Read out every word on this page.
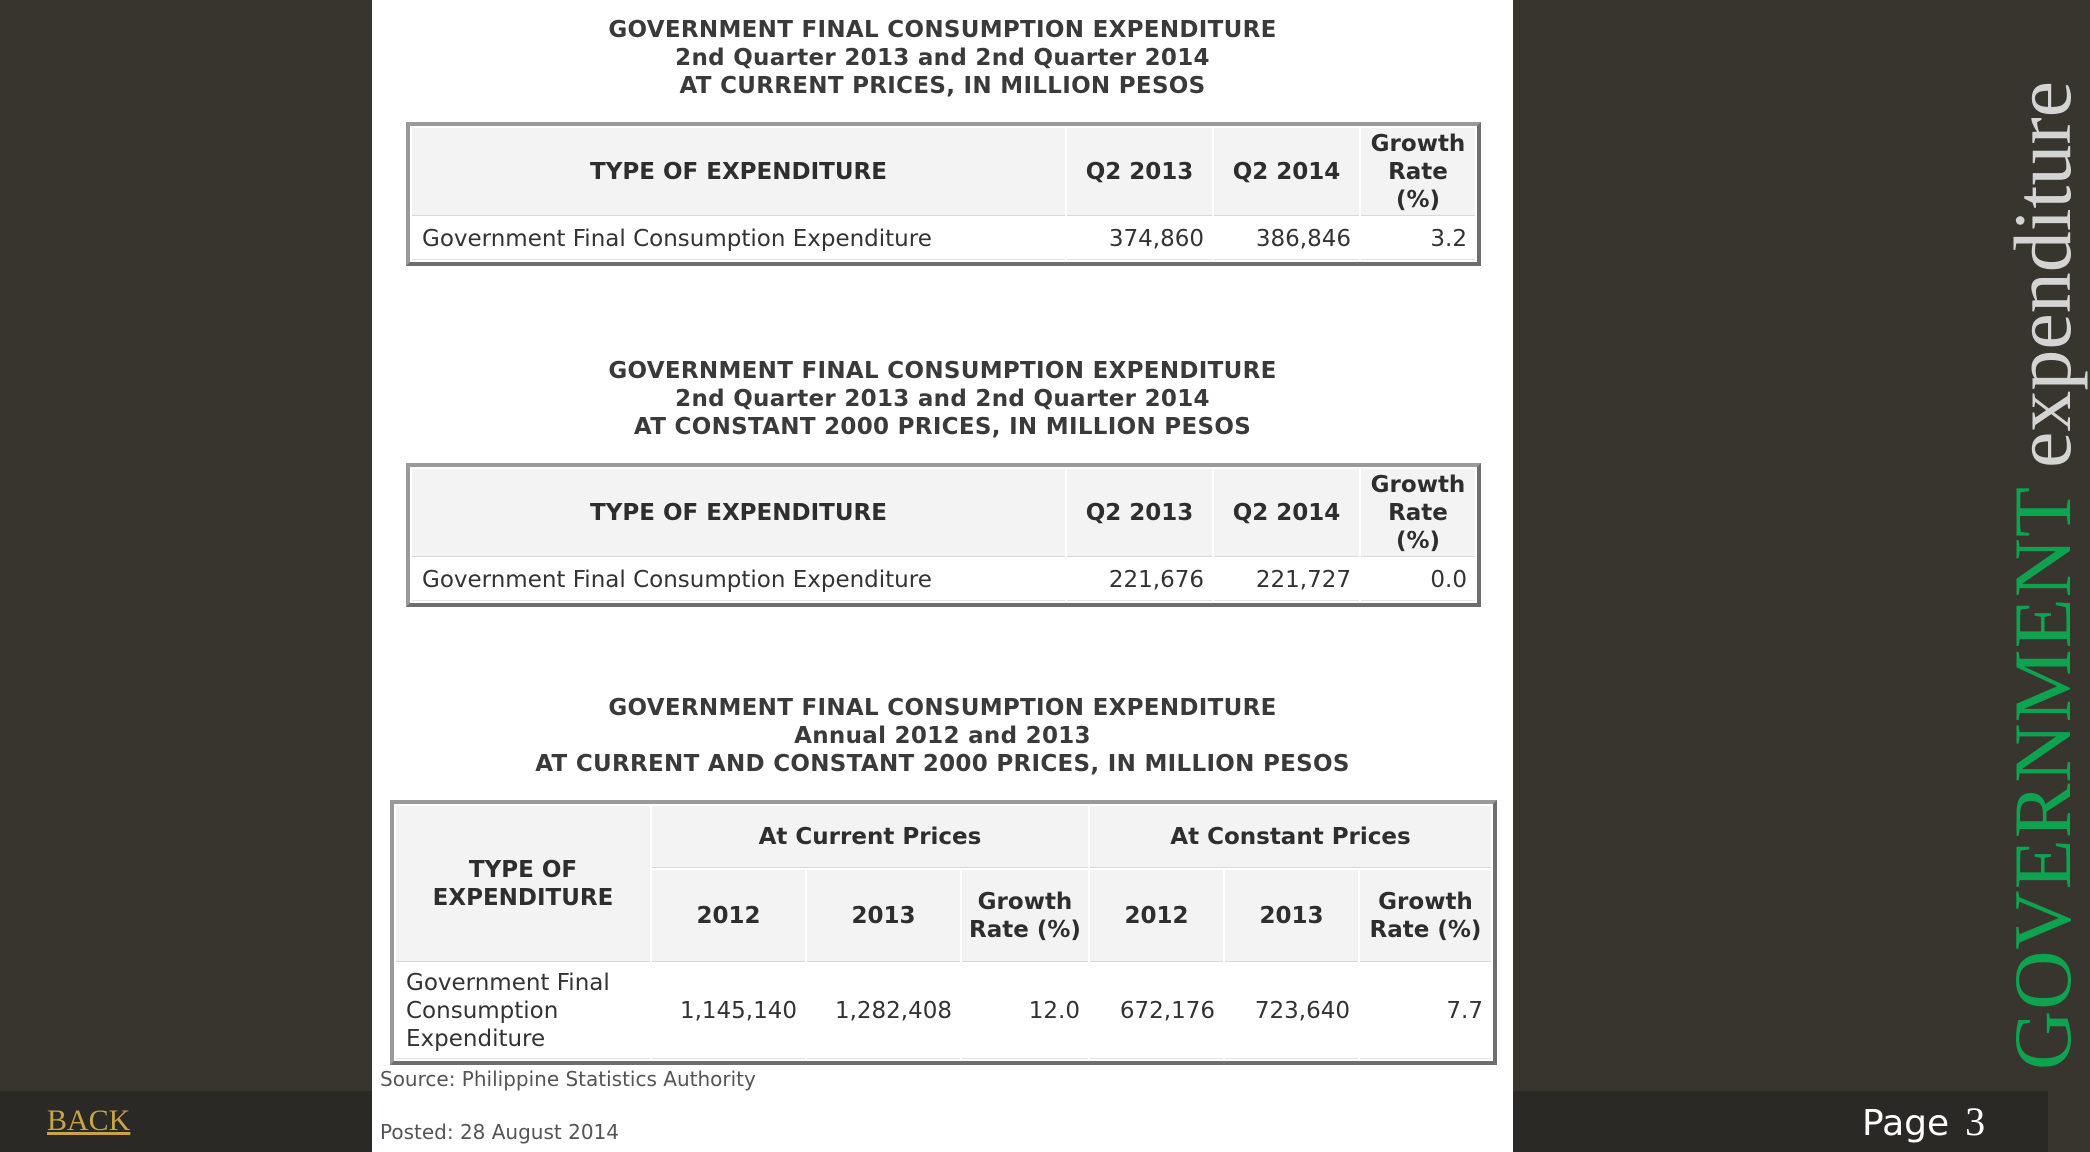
GOVERNMENT FINAL CONSUMPTION EXPENDITURE
2nd Quarter 2013 and 2nd Quarter 2014
AT CURRENT PRICES, IN MILLION PESOS
TYPE OF EXPENDITURE	Q2 2013	Q2 2014	Growth Rate (%)
Government Final Consumption Expenditure	374,860	386,846	3.2
GOVERNMENT FINAL CONSUMPTION EXPENDITURE
2nd Quarter 2013 and 2nd Quarter 2014
AT CONSTANT 2000 PRICES, IN MILLION PESOS
TYPE OF EXPENDITURE	Q2 2013	Q2 2014	Growth Rate (%)
Government Final Consumption Expenditure	221,676	221,727	0.0
GOVERNMENT FINAL CONSUMPTION EXPENDITURE
Annual 2012 and 2013
AT CURRENT AND CONSTANT 2000 PRICES, IN MILLION PESOS
TYPE OF EXPENDITURE	At Current Prices			At Constant Prices		
	2012	2013	Growth Rate (%)	2012	2013	Growth Rate (%)
Government Final Consumption Expenditure	1,145,140	1,282,408	12.0	672,176	723,640	7.7
Source: Philippine Statistics Authority
Posted: 28 August 2014
BACK	Page 3
GOVERNMENTexpenditure
